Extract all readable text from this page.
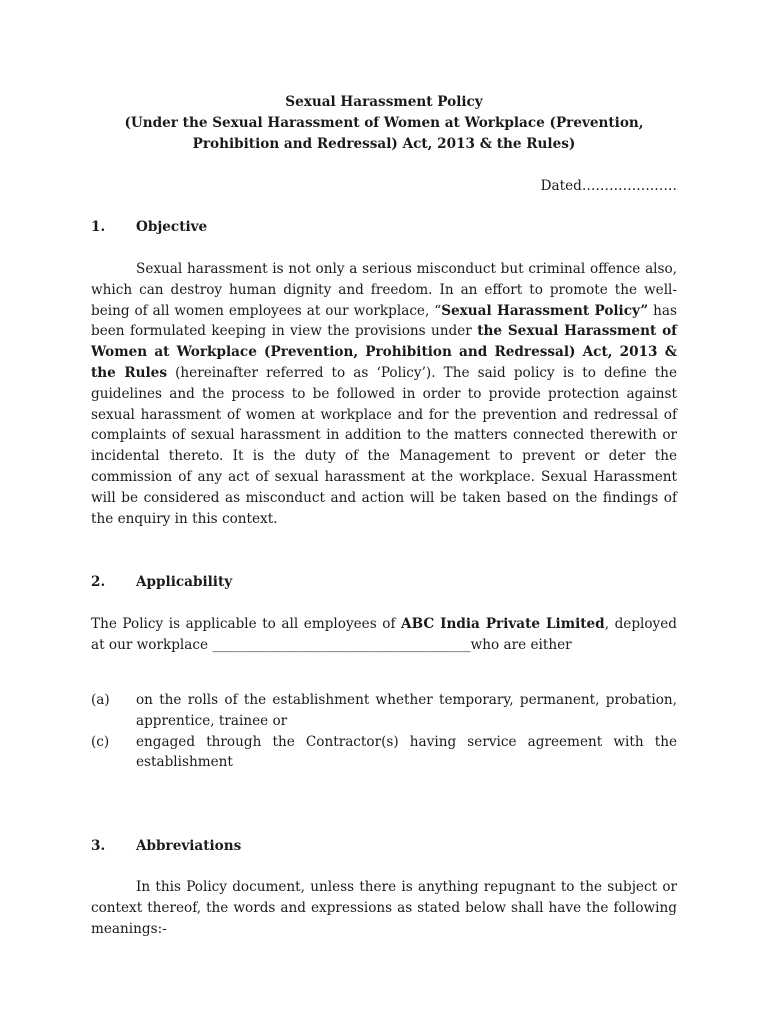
Sexual Harassment Policy
(Under the Sexual Harassment of Women at Workplace (Prevention, Prohibition and Redressal) Act, 2013 & the Rules)
Dated…………………
1. Objective
Sexual harassment is not only a serious misconduct but criminal offence also, which can destroy human dignity and freedom. In an effort to promote the well-being of all women employees at our workplace, “Sexual Harassment Policy” has been formulated keeping in view the provisions under the Sexual Harassment of Women at Workplace (Prevention, Prohibition and Redressal) Act, 2013 & the Rules (hereinafter referred to as ‘Policy’). The said policy is to define the guidelines and the process to be followed in order to provide protection against sexual harassment of women at workplace and for the prevention and redressal of complaints of sexual harassment in addition to the matters connected therewith or incidental thereto. It is the duty of the Management to prevent or deter the commission of any act of sexual harassment at the workplace. Sexual Harassment will be considered as misconduct and action will be taken based on the findings of the enquiry in this context.
2. Applicability
The Policy is applicable to all employees of ABC India Private Limited, deployed at our workplace ______________________________________who are either
(a)	on the rolls of the establishment whether temporary, permanent, probation, apprentice, trainee or
(c)	engaged through the Contractor(s) having service agreement with the establishment
3. Abbreviations
In this Policy document, unless there is anything repugnant to the subject or context thereof, the words and expressions as stated below shall have the following meanings:-
